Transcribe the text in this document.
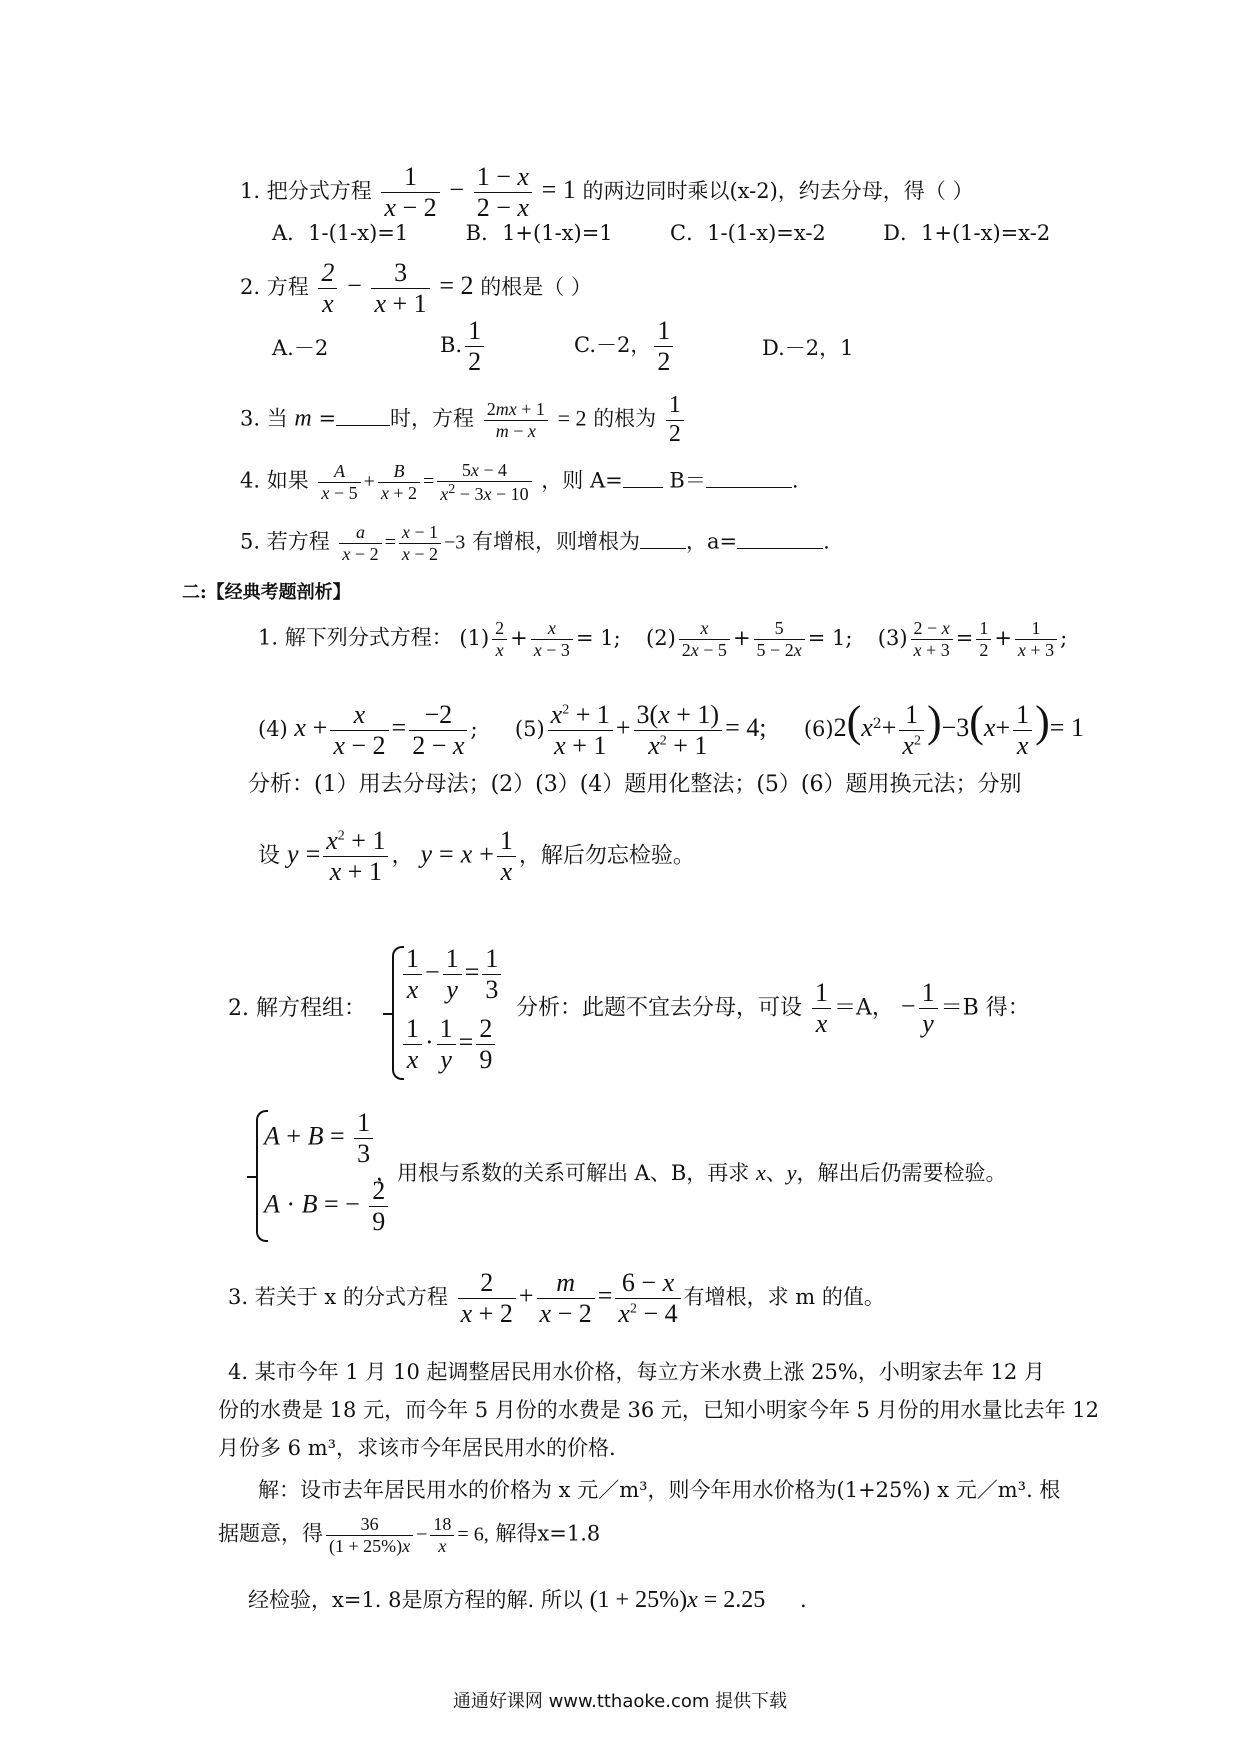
1. 把分式方程 $\frac{1}{x - 2} - \frac{1 - x}{2 - x} = 1$ 的两边同时乘以(x-2)，约去分母，得（ ）
A．1-(1-x)=1	B．1+(1-x)=1	C．1-(1-x)=x-2	D．1+(1-x)=x-2
2. 方程 $\frac{2}{x} - \frac{3}{x + 1} = 2$ 的根是（ ）
A.－2	B. $\frac{1}{2}$	C.－2， $\frac{1}{2}$	D.－2，1
3. 当 m =	时，方程 $\frac{2mx + 1}{m - x} = 2$ 的根为 $\frac{1}{2}$
4. 如果 $\frac{A}{x - 5} + \frac{B}{x + 2} = \frac{5x - 4}{x^2 - 3x - 10}$ ，则 A= B＝	.
5. 若方程 $\frac{a}{x - 2} = \frac{x - 1}{x - 2} -3$ 有增根，则增根为 ，a=	.
二:【经典考题剖析】
1. 解下列分式方程： $(1) \frac{2}{x} + \frac{x}{x - 3} = 1$; $(2) \frac{x}{2x - 5} + \frac{5}{5 - 2x} = 1$; $(3) \frac{2 - x}{x + 3} = \frac{1}{2} + \frac{1}{x + 3}$ ;
(4) $x + \frac{x}{x - 2} = \frac{-2}{2 - x}$ ; $(5) \frac{x^2 + 1}{x + 1} + \frac{3(x + 1)}{x^2 + 1} = 4$; $(6)2(x^2+ \frac{1}{x^2} )-3(x+ \frac{1}{x}$ )= 1
分析：(1）用去分母法；(2）(3）(4）题用化整法；(5）(6）题用换元法；分别
设 $y = \frac{x^2 + 1}{x + 1}$ ， $y = x + \frac{1}{x}$ ，解后勿忘检验。
2. 解方程组：
$\frac{1}{x} - \frac{1}{y} = \frac{1}{3}$
$\frac{1}{x} \cdot \frac{1}{y} = \frac{2}{9}$
分析：此题不宜去分母，可设 $\frac{1}{x} =A$， − $\frac{1}{y} =B$ 得：
$A + B = \frac{1}{3}$
A · B = − $\frac{2}{9}$
，用根与系数的关系可解出 A、B，再求 x、y，解出后仍需要检验。
3. 若关于 x 的分式方程 $\frac{2}{x + 2} + \frac{m}{x - 2} = \frac{6 - x}{x^2 - 4}$ 有增根，求 m 的值。
4. 某市今年 1 月 10 起调整居民用水价格，每立方米水费上涨 25%，小明家去年 12 月
份的水费是 18 元，而今年 5 月份的水费是 36 元，已知小明家今年 5 月份的用水量比去年 12
月份多 6 m³，求该市今年居民用水的价格.
解：设市去年居民用水的价格为 x 元／m³，则今年用水价格为(1+25%) x 元／m³. 根
据题意，得 $\frac{36}{(1 + 25\%)x} - \frac{18}{x} = 6$, 解得x=1.8
经检验，x=1. 8是原方程的解. 所以 (1 + 25%)x = 2.25 .
通通好课网 www.tthaoke.com 提供下载
